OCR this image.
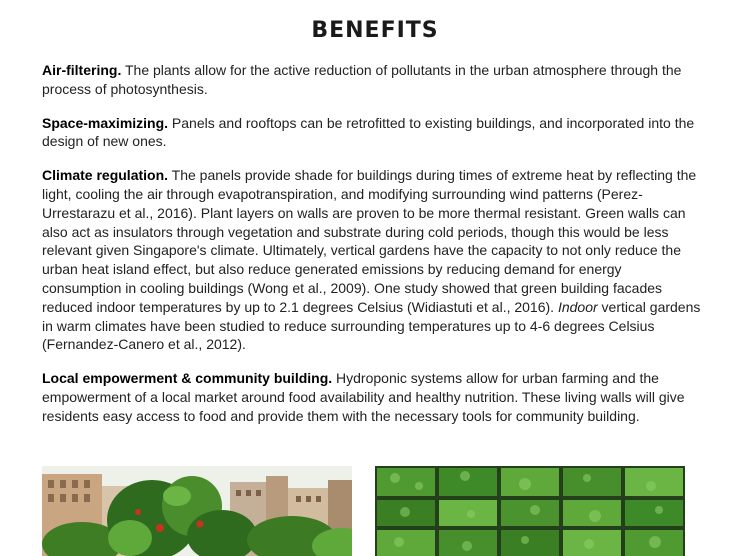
BENEFITS

Air-filtering. The plants allow for the active reduction of pollutants in the urban atmosphere through the process of photosynthesis.

Space-maximizing. Panels and rooftops can be retrofitted to existing buildings, and incorporated into the design of new ones.

Climate regulation. The panels provide shade for buildings during times of extreme heat by reflecting the light, cooling the air through evapotranspiration, and modifying surrounding wind patterns (Perez-Urrestarazu et al., 2016). Plant layers on walls are proven to be more thermal resistant. Green walls can also act as insulators through vegetation and substrate during cold periods, though this would be less relevant given Singapore's climate. Ultimately, vertical gardens have the capacity to not only reduce the urban heat island effect, but also reduce generated emissions by reducing demand for energy consumption in cooling buildings (Wong et al., 2009). One study showed that green building facades reduced indoor temperatures by up to 2.1 degrees Celsius (Widiastuti et al., 2016). Indoor vertical gardens in warm climates have been studied to reduce surrounding temperatures up to 4-6 degrees Celsius (Fernandez-Canero et al., 2012).

Local empowerment & community building. Hydroponic systems allow for urban farming and the empowerment of a local market around food availability and healthy nutrition. These living walls will give residents easy access to food and provide them with the necessary tools for community building.
